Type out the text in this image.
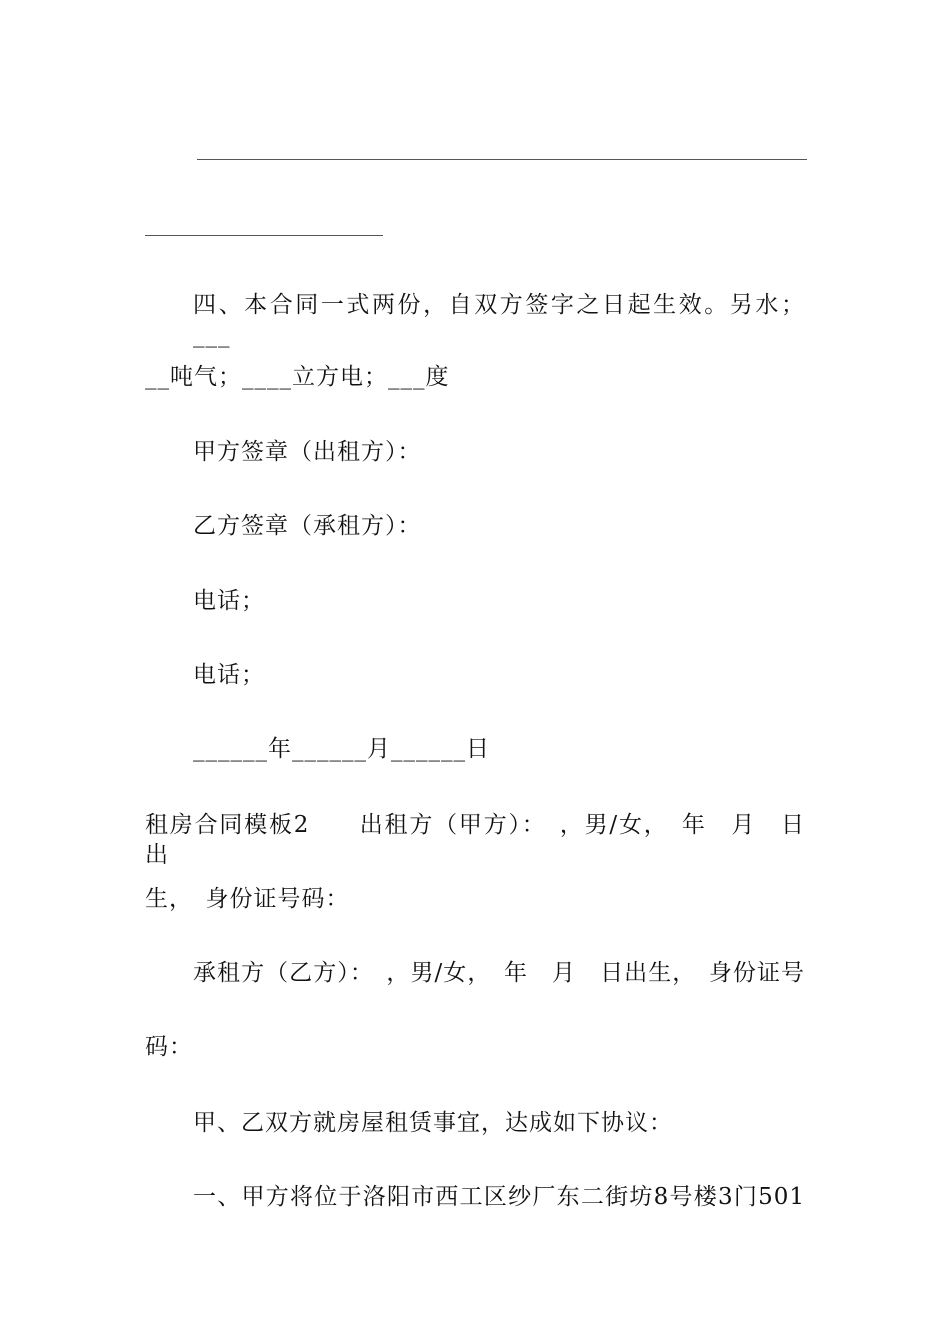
四、本合同一式两份，自双方签字之日起生效。另水；___
__吨气；____立方电；___度
甲方签章（出租方）：
乙方签章（承租方）：
电话；
电话；
______年______月______日
租房合同模板2　　出租方（甲方）：　，男/女，　年　月　日出
生，　身份证号码：
承租方（乙方）：　，男/女，　年　月　日出生，　身份证号
码：
甲、乙双方就房屋租赁事宜，达成如下协议：
一、甲方将位于洛阳市西工区纱厂东二街坊8号楼3门501
